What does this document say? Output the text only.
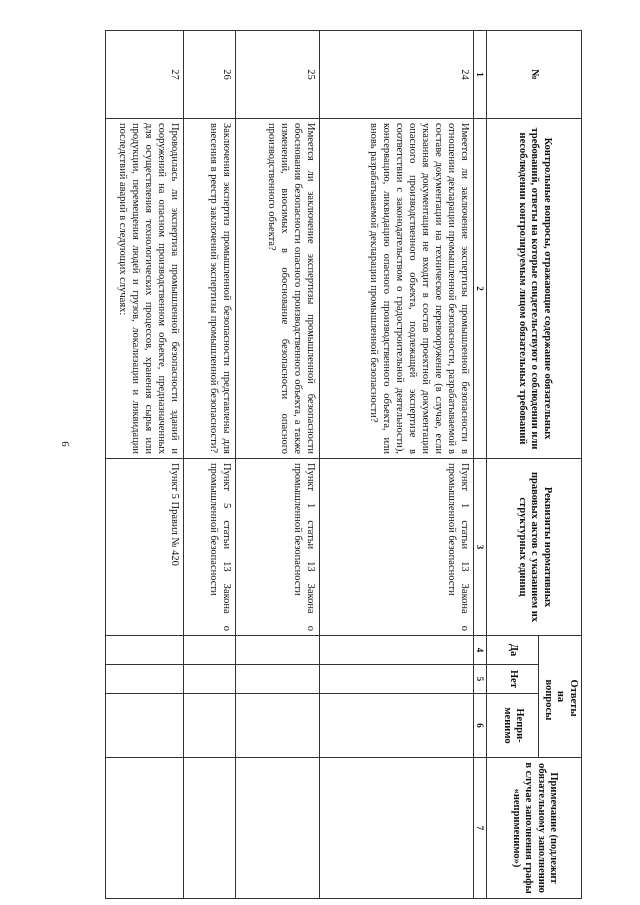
9
№	Контрольные вопросы, отражающие содержание обязательных требований, ответы на которые свидетельствуют о соблюдении или несоблюдении контролируемым лицом обязательных требований	Реквизиты нормативных правовых актов с указанием их структурных единиц	Ответы на вопросы			Примечание (подлежит обязательному заполнению в случае заполнения графы «неприменимо»)
			Да	Нет	Непри-менимо	
1	2	3	4	5	6	7
24	Имеется ли заключение экспертизы промышленной безопасности в отношении декларации промышленной безопасности, разрабатываемой в составе документации на техническое перевооружение (в случае, если указанная документация не входит в состав проектной документации опасного производственного объекта, подлежащей экспертизе в соответствии с законодательством о градостроительной деятельности), консервацию, ликвидацию опасного производственного объекта, или вновь разрабатываемой декларации промышленной безопасности?	Пункт 1 статьи 13 Закона о промышленной безопасности				
25	Имеется ли заключение экспертизы промышленной безопасности обоснования безопасности опасного производственного объекта, а также изменений, вносимых в обоснование безопасности опасного производственного объекта?	Пункт 1 статьи 13 Закона о промышленной безопасности				
26	Заключения экспертиз промышленной безопасности представлены для внесения в реестр заключений экспертизы промышленной безопасности?	Пункт 5 статьи 13 Закона о промышленной безопасности				
27	Проводилась ли экспертиза промышленной безопасности зданий и сооружений на опасном производственном объекте, предназначенных для осуществления технологических процессов, хранения сырья или продукции, перемещения людей и грузов, локализации и ликвидации последствий аварий в следующих случаях:	Пункт 5 Правил № 420				
